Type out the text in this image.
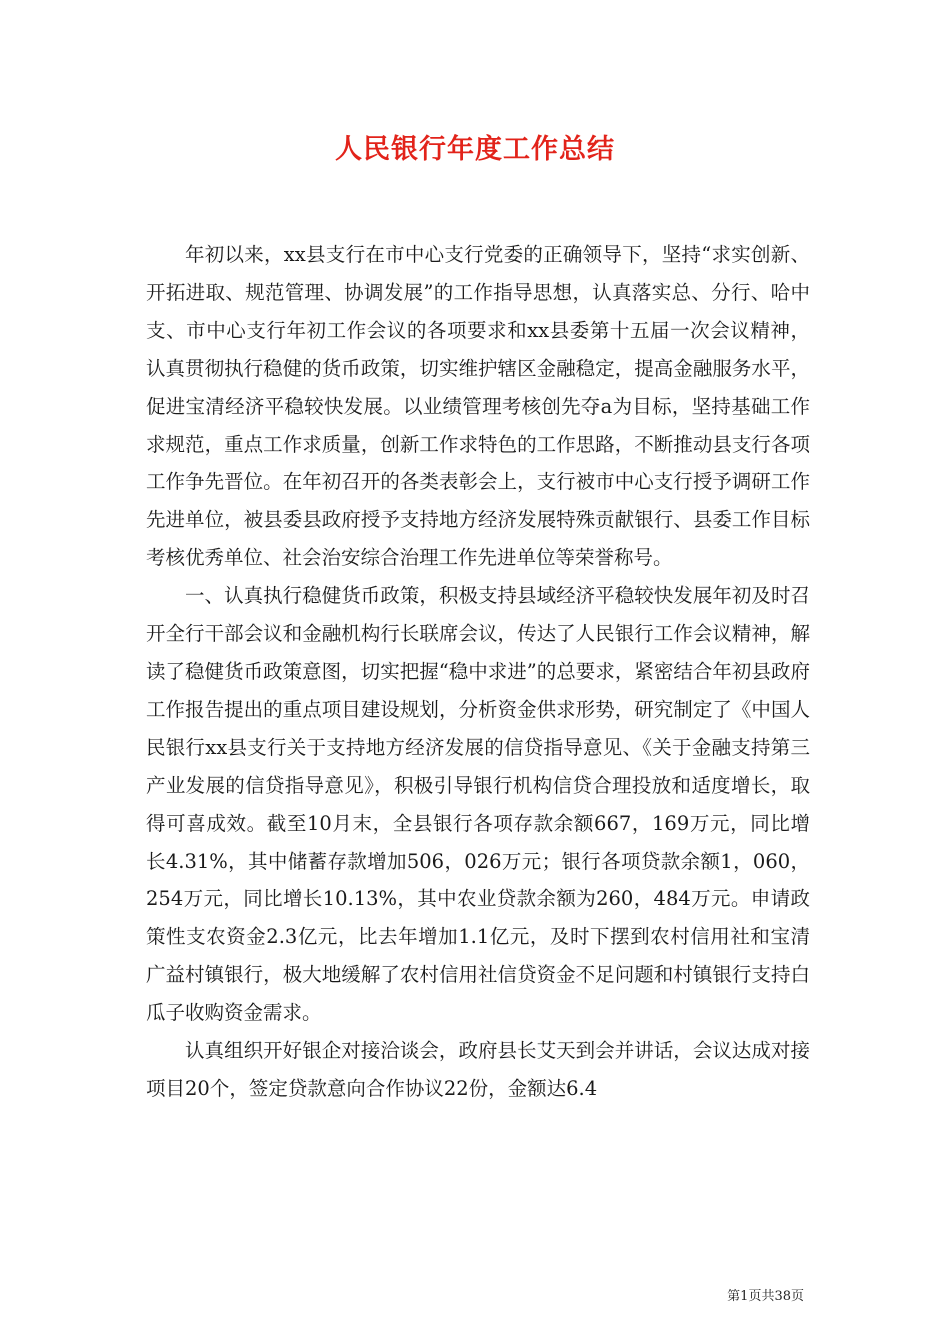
人民银行年度工作总结

年初以来，xx县支行在市中心支行党委的正确领导下，坚持“求实创新、开拓进取、规范管理、协调发展”的工作指导思想，认真落实总、分行、哈中支、市中心支行年初工作会议的各项要求和xx县委第十五届一次会议精神，认真贯彻执行稳健的货币政策，切实维护辖区金融稳定，提高金融服务水平，促进宝清经济平稳较快发展。以业绩管理考核创先夺a为目标，坚持基础工作求规范，重点工作求质量，创新工作求特色的工作思路，不断推动县支行各项工作争先晋位。在年初召开的各类表彰会上，支行被市中心支行授予调研工作先进单位，被县委县政府授予支持地方经济发展特殊贡献银行、县委工作目标考核优秀单位、社会治安综合治理工作先进单位等荣誉称号。

一、认真执行稳健货币政策，积极支持县域经济平稳较快发展年初及时召开全行干部会议和金融机构行长联席会议，传达了人民银行工作会议精神，解读了稳健货币政策意图，切实把握“稳中求进”的总要求，紧密结合年初县政府工作报告提出的重点项目建设规划，分析资金供求形势，研究制定了《中国人民银行xx县支行关于支持地方经济发展的信贷指导意见、《关于金融支持第三产业发展的信贷指导意见》，积极引导银行机构信贷合理投放和适度增长，取得可喜成效。截至10月末，全县银行各项存款余额667，169万元，同比增长4.31%，其中储蓄存款增加506，026万元；银行各项贷款余额1，060，254万元，同比增长10.13%，其中农业贷款余额为260，484万元。申请政策性支农资金2.3亿元，比去年增加1.1亿元，及时下摆到农村信用社和宝清广益村镇银行，极大地缓解了农村信用社信贷资金不足问题和村镇银行支持白瓜子收购资金需求。

认真组织开好银企对接洽谈会，政府县长艾天到会并讲话，会议达成对接项目20个，签定贷款意向合作协议22份，金额达6.4

第1页共38页
